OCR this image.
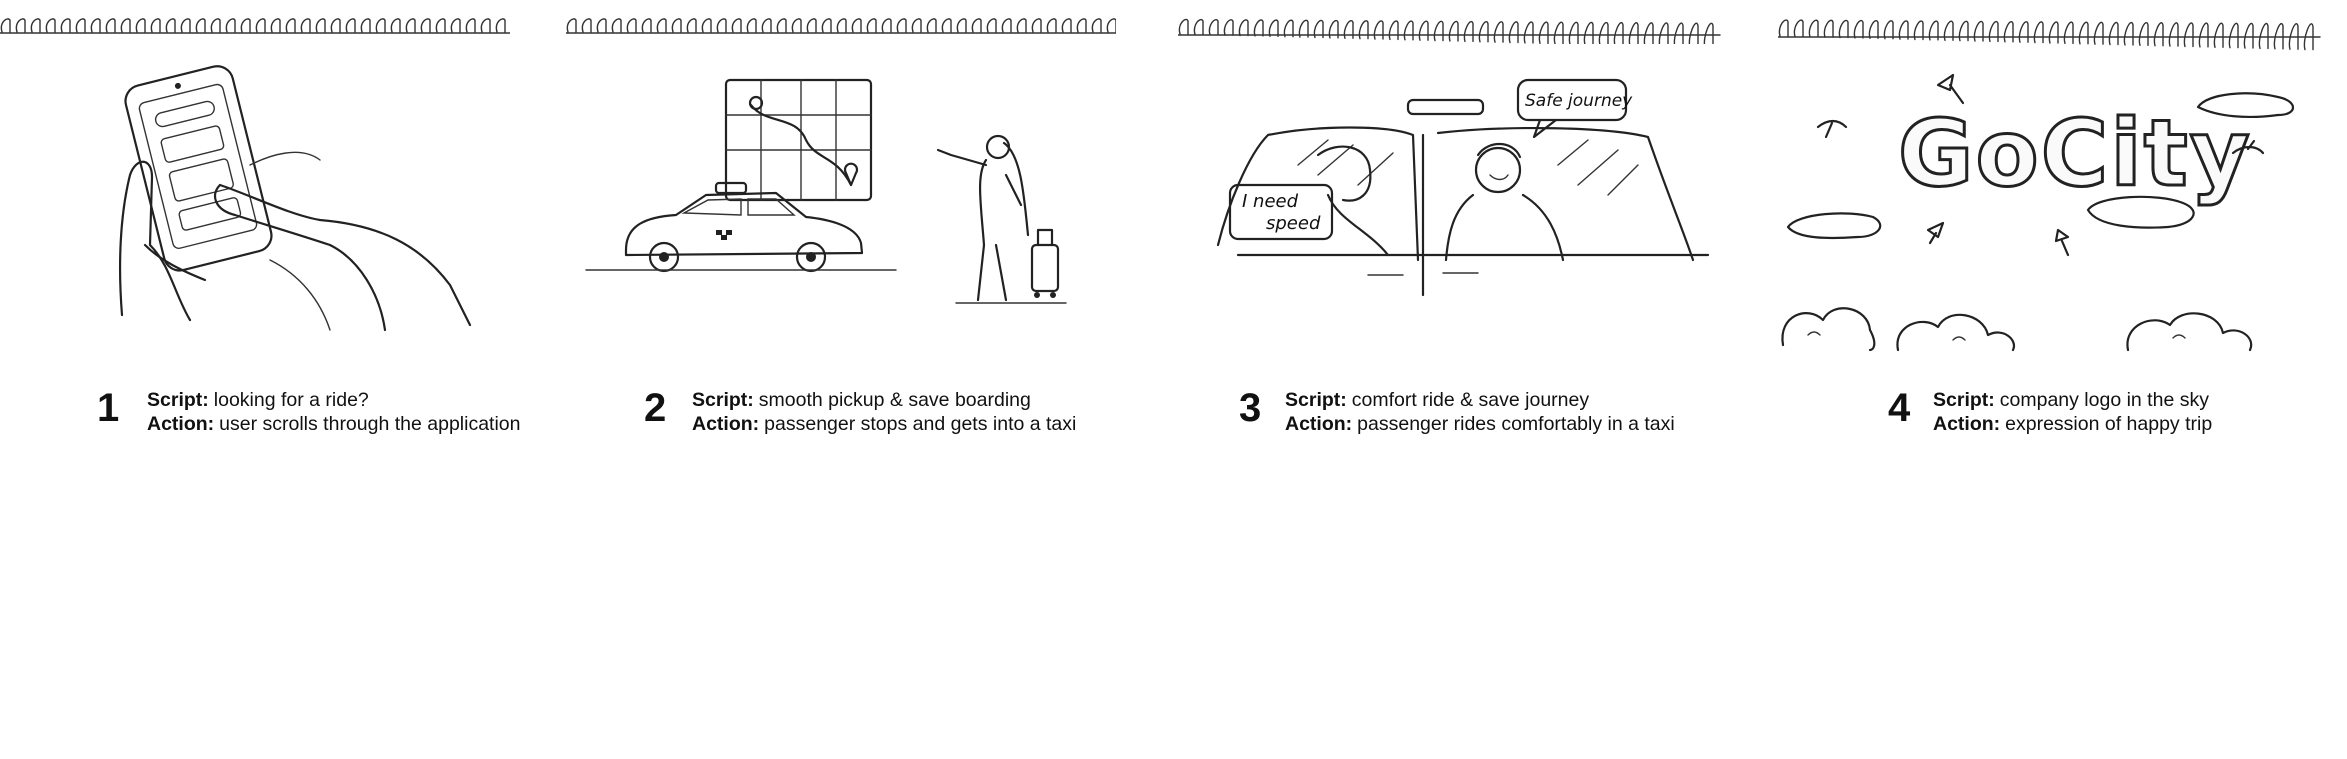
1 Script: looking for a ride?
Action: user scrolls through the application	2 Script: smooth pickup & save boarding
Action: passenger stops and gets into a taxi
I need
speed
Safe journey
3 Script: comfort ride & save journey
Action: passenger rides comfortably in a taxi
GoCity
4 Script: company logo in the sky
Action: expression of happy trip
